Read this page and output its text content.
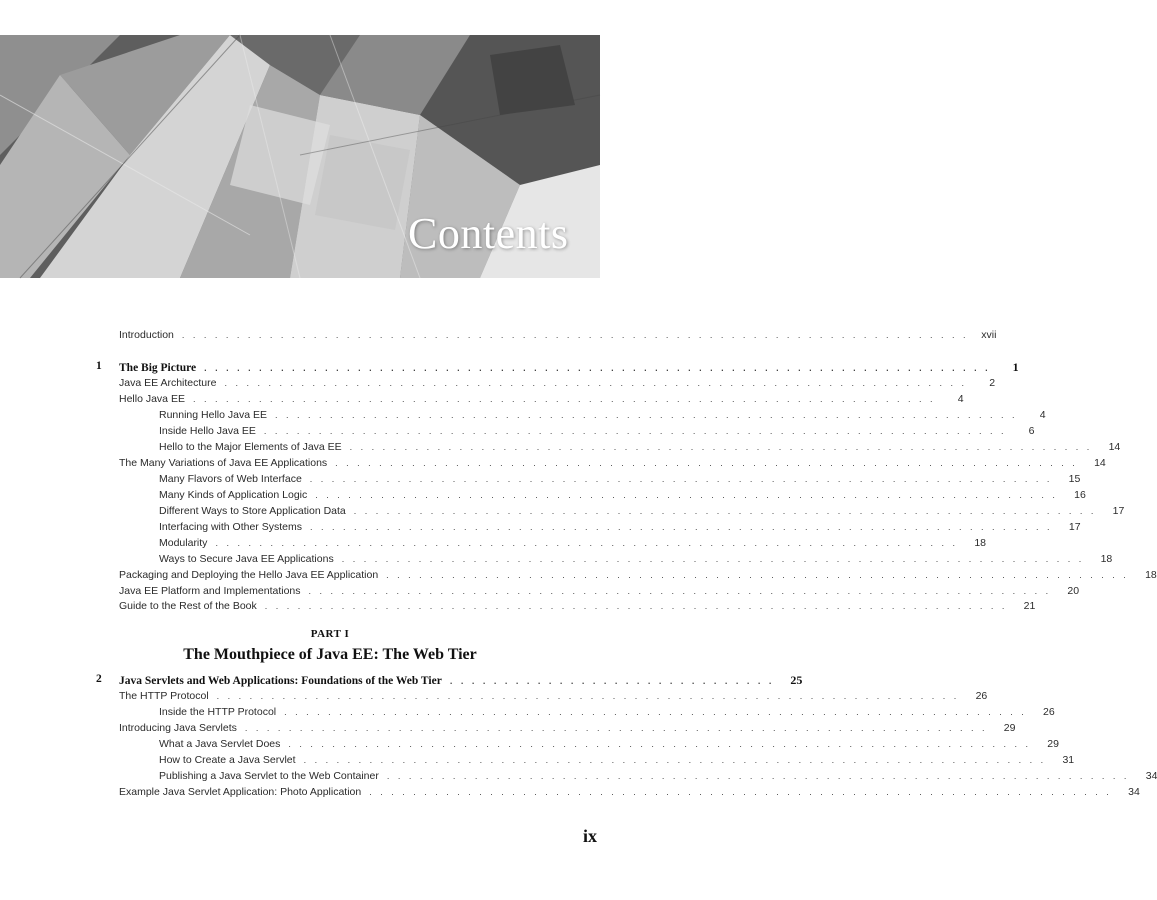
Contents
Introduction . . . . . . . . . . . . . . . . . . . . . . . . . . . . . . . . . . . . . . . . . . . . . . . . . . . . . . . . . . . . . . . . . . . . . . . .	xvii
1 The Big Picture . . . . . . . . . . . . . . . . . . . . . . . . . . . . . . . . . . . . . . . . . . . . . . . . . . . . . . . . . . . . . . . . . . . . . . . .	1
Java EE Architecture . . . . . . . . . . . . . . . . . . . . . . . . . . . . . . . . . . . . . . . . . . . . . . . . . . . . . . . . . . . . . . . . . . . .	2
Hello Java EE . . . . . . . . . . . . . . . . . . . . . . . . . . . . . . . . . . . . . . . . . . . . . . . . . . . . . . . . . . . . . . . . . . . .	4
Running Hello Java EE . . . . . . . . . . . . . . . . . . . . . . . . . . . . . . . . . . . . . . . . . . . . . . . . . . . . . . . . . . . . . . . . . . . .	4
Inside Hello Java EE . . . . . . . . . . . . . . . . . . . . . . . . . . . . . . . . . . . . . . . . . . . . . . . . . . . . . . . . . . . . . . . . . . . .	6
Hello to the Major Elements of Java EE . . . . . . . . . . . . . . . . . . . . . . . . . . . . . . . . . . . . . . . . . . . . . . . . . . . . . . . . . . . . . . . . . . . .	14
The Many Variations of Java EE Applications . . . . . . . . . . . . . . . . . . . . . . . . . . . . . . . . . . . . . . . . . . . . . . . . . . . . . . . . . . . . . . . . . . . .	14
Many Flavors of Web Interface . . . . . . . . . . . . . . . . . . . . . . . . . . . . . . . . . . . . . . . . . . . . . . . . . . . . . . . . . . . . . . . . . . . .	15
Many Kinds of Application Logic . . . . . . . . . . . . . . . . . . . . . . . . . . . . . . . . . . . . . . . . . . . . . . . . . . . . . . . . . . . . . . . . . . . .	16
Different Ways to Store Application Data . . . . . . . . . . . . . . . . . . . . . . . . . . . . . . . . . . . . . . . . . . . . . . . . . . . . . . . . . . . . . . . . . . . .	17
Interfacing with Other Systems . . . . . . . . . . . . . . . . . . . . . . . . . . . . . . . . . . . . . . . . . . . . . . . . . . . . . . . . . . . . . . . . . . . .	17
Modularity . . . . . . . . . . . . . . . . . . . . . . . . . . . . . . . . . . . . . . . . . . . . . . . . . . . . . . . . . . . . . . . . . . . .	18
Ways to Secure Java EE Applications . . . . . . . . . . . . . . . . . . . . . . . . . . . . . . . . . . . . . . . . . . . . . . . . . . . . . . . . . . . . . . . . . . . .	18
Packaging and Deploying the Hello Java EE Application . . . . . . . . . . . . . . . . . . . . . . . . . . . . . . . . . . . . . . . . . . . . . . . . . . . . . . . . . . . . . . . . . . . .	18
Java EE Platform and Implementations . . . . . . . . . . . . . . . . . . . . . . . . . . . . . . . . . . . . . . . . . . . . . . . . . . . . . . . . . . . . . . . . . . . .	20
Guide to the Rest of the Book . . . . . . . . . . . . . . . . . . . . . . . . . . . . . . . . . . . . . . . . . . . . . . . . . . . . . . . . . . . . . . . . . . . .	21
PART I
The Mouthpiece of Java EE: The Web Tier
2 Java Servlets and Web Applications: Foundations of the Web Tier . . . . . . . . . . . . . . . . . . . . . . . . . . . . . .	25
The HTTP Protocol . . . . . . . . . . . . . . . . . . . . . . . . . . . . . . . . . . . . . . . . . . . . . . . . . . . . . . . . . . . . . . . . . . . .	26
Inside the HTTP Protocol . . . . . . . . . . . . . . . . . . . . . . . . . . . . . . . . . . . . . . . . . . . . . . . . . . . . . . . . . . . . . . . . . . . .	26
Introducing Java Servlets . . . . . . . . . . . . . . . . . . . . . . . . . . . . . . . . . . . . . . . . . . . . . . . . . . . . . . . . . . . . . . . . . . . .	29
What a Java Servlet Does . . . . . . . . . . . . . . . . . . . . . . . . . . . . . . . . . . . . . . . . . . . . . . . . . . . . . . . . . . . . . . . . . . . .	29
How to Create a Java Servlet . . . . . . . . . . . . . . . . . . . . . . . . . . . . . . . . . . . . . . . . . . . . . . . . . . . . . . . . . . . . . . . . . . . .	31
Publishing a Java Servlet to the Web Container . . . . . . . . . . . . . . . . . . . . . . . . . . . . . . . . . . . . . . . . . . . . . . . . . . . . . . . . . . . . . . . . . . . .	34
Example Java Servlet Application: Photo Application . . . . . . . . . . . . . . . . . . . . . . . . . . . . . . . . . . . . . . . . . . . . . . . . . . . . . . . . . . . . . . . . . . . .	34
ix
